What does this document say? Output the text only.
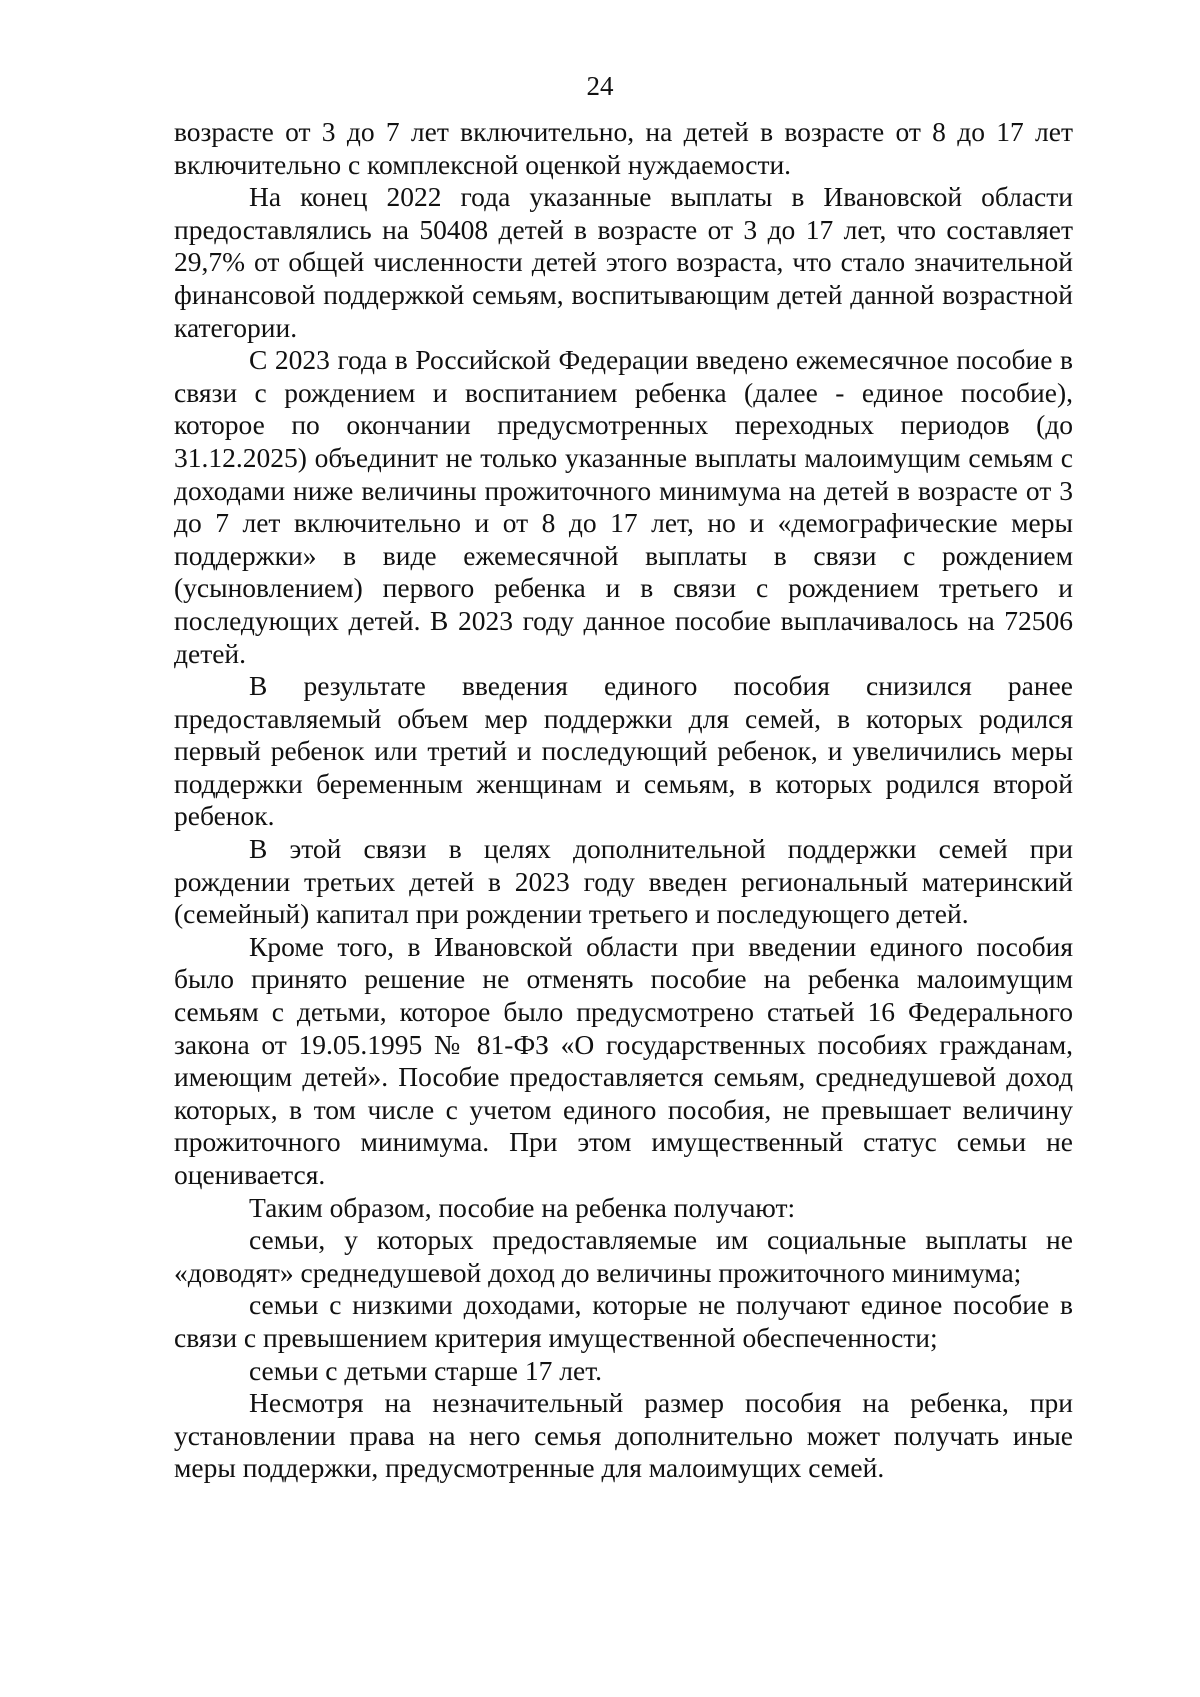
24

возрасте от 3 до 7 лет включительно, на детей в возрасте от 8 до 17 лет включительно с комплексной оценкой нуждаемости.

На конец 2022 года указанные выплаты в Ивановской области предоставлялись на 50408 детей в возрасте от 3 до 17 лет, что составляет 29,7% от общей численности детей этого возраста, что стало значительной финансовой поддержкой семьям, воспитывающим детей данной возрастной категории.

С 2023 года в Российской Федерации введено ежемесячное пособие в связи с рождением и воспитанием ребенка (далее - единое пособие), которое по окончании предусмотренных переходных периодов (до 31.12.2025) объединит не только указанные выплаты малоимущим семьям с доходами ниже величины прожиточного минимума на детей в возрасте от 3 до 7 лет включительно и от 8 до 17 лет, но и «демографические меры поддержки» в виде ежемесячной выплаты в связи с рождением (усыновлением) первого ребенка и в связи с рождением третьего и последующих детей. В 2023 году данное пособие выплачивалось на 72506 детей.

В результате введения единого пособия снизился ранее предоставляемый объем мер поддержки для семей, в которых родился первый ребенок или третий и последующий ребенок, и увеличились меры поддержки беременным женщинам и семьям, в которых родился второй ребенок.

В этой связи в целях дополнительной поддержки семей при рождении третьих детей в 2023 году введен региональный материнский (семейный) капитал при рождении третьего и последующего детей.

Кроме того, в Ивановской области при введении единого пособия было принято решение не отменять пособие на ребенка малоимущим семьям с детьми, которое было предусмотрено статьей 16 Федерального закона от 19.05.1995 № 81-ФЗ «О государственных пособиях гражданам, имеющим детей». Пособие предоставляется семьям, среднедушевой доход которых, в том числе с учетом единого пособия, не превышает величину прожиточного минимума. При этом имущественный статус семьи не оценивается.

Таким образом, пособие на ребенка получают:

семьи, у которых предоставляемые им социальные выплаты не «доводят» среднедушевой доход до величины прожиточного минимума;

семьи с низкими доходами, которые не получают единое пособие в связи с превышением критерия имущественной обеспеченности;

семьи с детьми старше 17 лет.

Несмотря на незначительный размер пособия на ребенка, при установлении права на него семья дополнительно может получать иные меры поддержки, предусмотренные для малоимущих семей.
